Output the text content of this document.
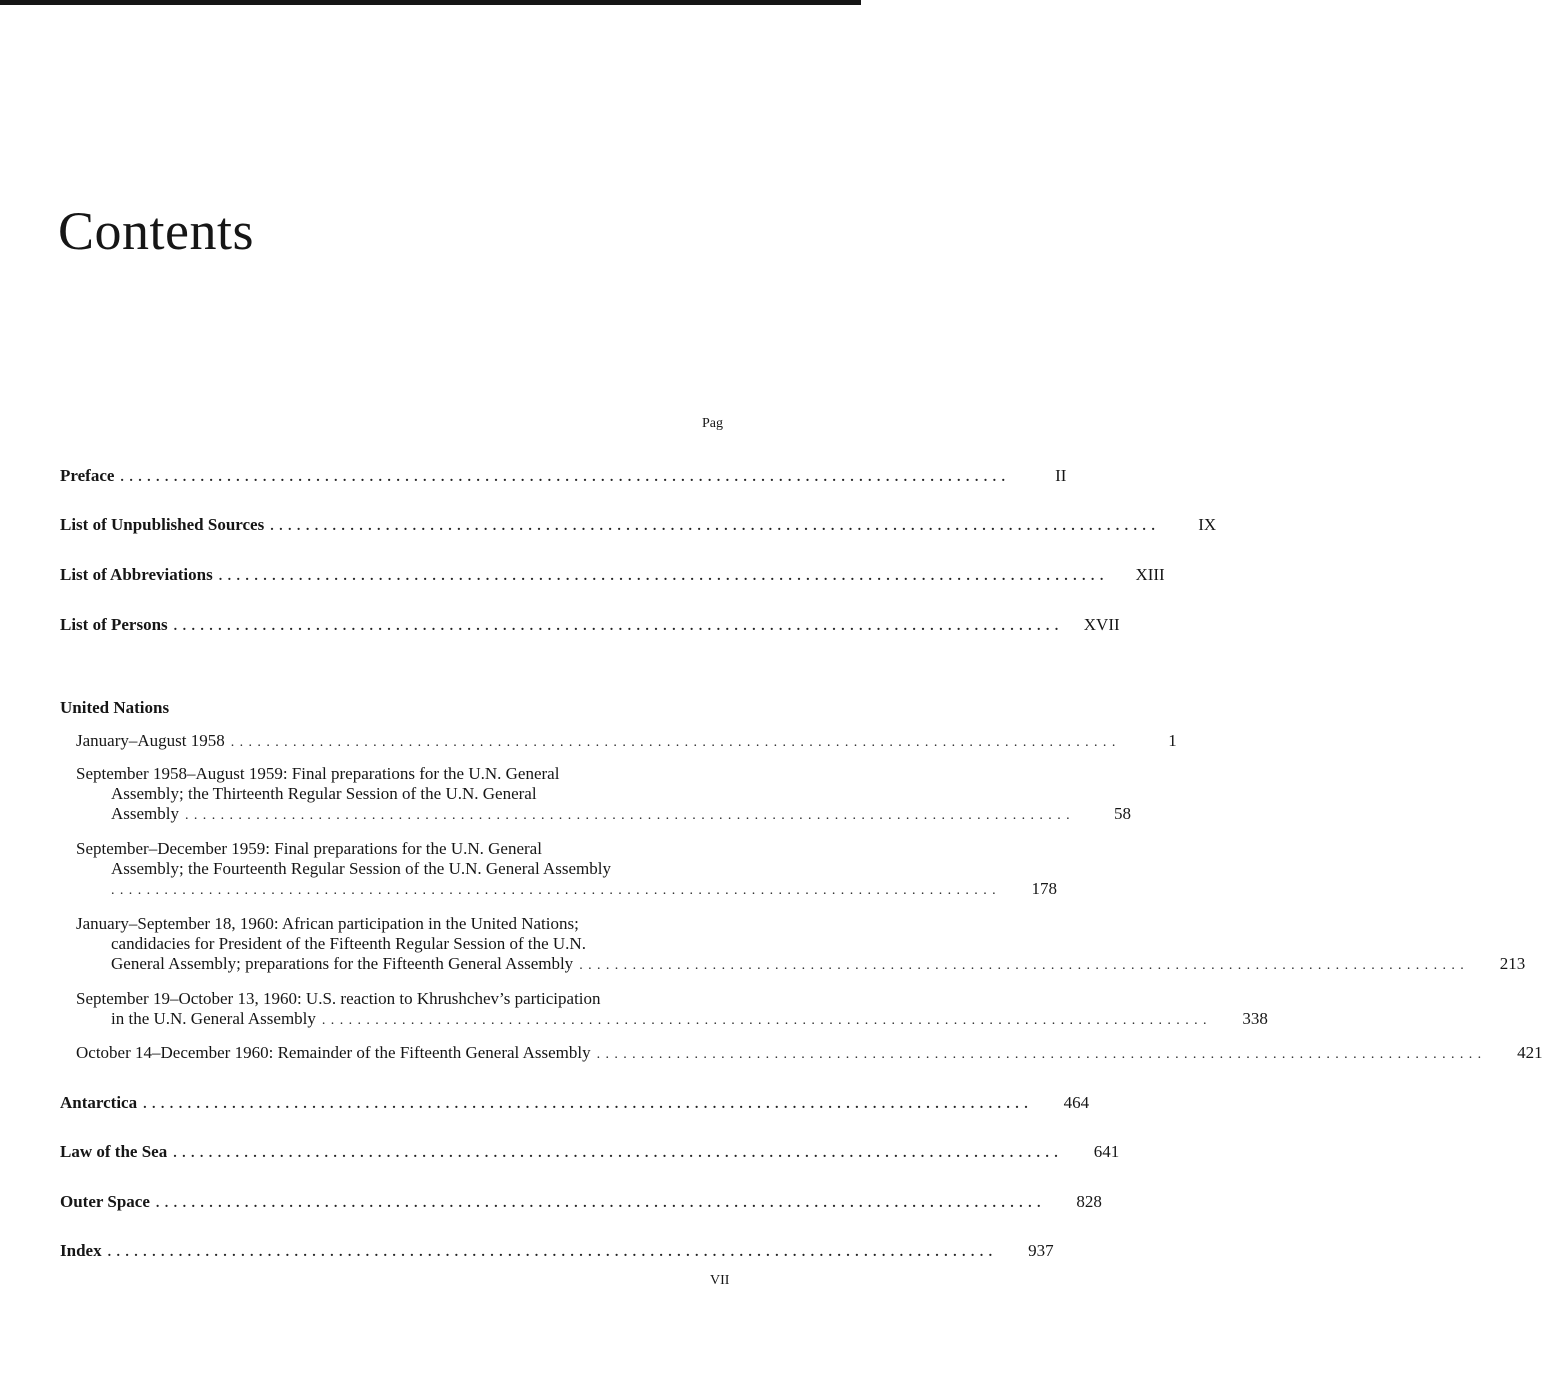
Contents
Pag
Preface ....................................................................................................	II
List of Unpublished Sources ....................................................................................................	IX
List of Abbreviations ....................................................................................................	XIII
List of Persons ....................................................................................................	XVII
United Nations
January–August 1958 ....................................................................................................	1
September 1958–August 1959: Final preparations for the U.N. General
Assembly; the Thirteenth Regular Session of the U.N. General
Assembly ....................................................................................................	58
September–December 1959: Final preparations for the U.N. General
Assembly; the Fourteenth Regular Session of the U.N. General Assembly
....................................................................................................	178
January–September 18, 1960: African participation in the United Nations;
candidacies for President of the Fifteenth Regular Session of the U.N.
General Assembly; preparations for the Fifteenth General Assembly ....................................................................................................	213
September 19–October 13, 1960: U.S. reaction to Khrushchev’s participation
in the U.N. General Assembly ....................................................................................................	338
October 14–December 1960: Remainder of the Fifteenth General Assembly ....................................................................................................	421
Antarctica ....................................................................................................	464
Law of the Sea ....................................................................................................	641
Outer Space ....................................................................................................	828
Index ....................................................................................................	937
VII
